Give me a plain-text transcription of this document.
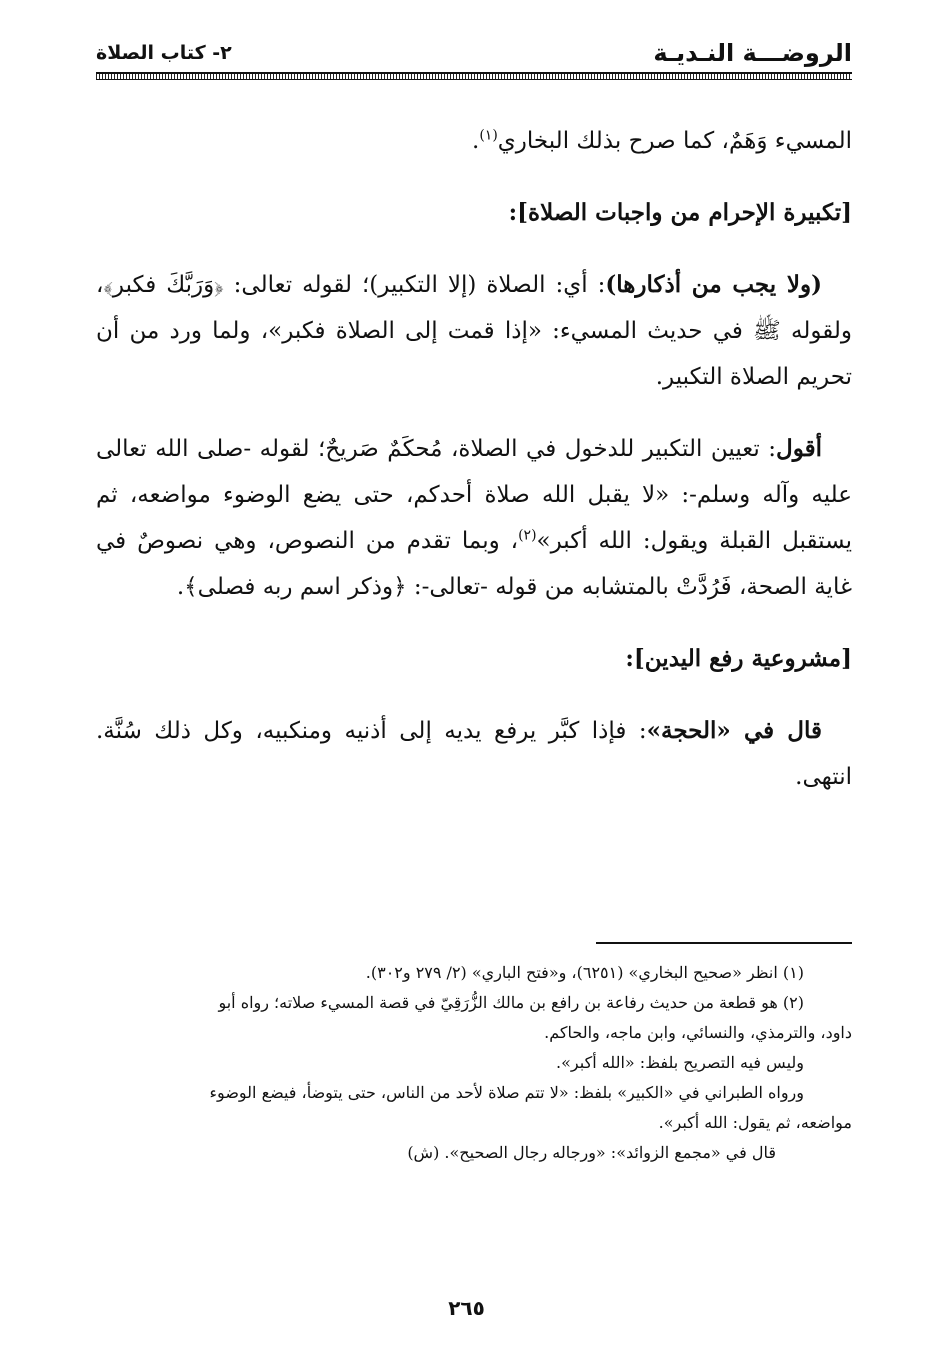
الروضـــة النـديـة
٢- كتاب الصلاة

المسيء وَهَمٌ، كما صرح بذلك البخاري$^{(١)}$.

[تكبيرة الإحرام من واجبات الصلاة]:

(ولا يجب من أذكارها): أي: الصلاة (إلا التكبير)؛ لقوله تعالى: ﴿وَرَبَّكَ فكبر﴾، ولقوله ﷺ في حديث المسيء: «إذا قمت إلى الصلاة فكبر»، ولما ورد من أن تحريم الصلاة التكبير.

أقول: تعيين التكبير للدخول في الصلاة، مُحكَمٌ صَريحٌ؛ لقوله -صلى الله تعالى عليه وآله وسلم-: «لا يقبل الله صلاة أحدكم، حتى يضع الوضوء مواضعه، ثم يستقبل القبلة ويقول: الله أكبر»$^{(٢)}$، وبما تقدم من النصوص، وهي نصوصٌ في غاية الصحة، فَرُدَّتْ بالمتشابه من قوله -تعالى-: ﴿وذكر اسم ربه فصلى﴾.

[مشروعية رفع اليدين]:

قال في «الحجة»: فإذا كبَّر يرفع يديه إلى أذنيه ومنكبيه، وكل ذلك سُنَّة. انتهى.

(١) انظر «صحيح البخاري» (٦٢٥١)، و«فتح الباري» (٢/ ٢٧٩ و٣٠٢).

(٢) هو قطعة من حديث رفاعة بن رافع بن مالك الزُّرَقِيّ في قصة المسيء صلاته؛ رواه أبو

داود، والترمذي، والنسائي، وابن ماجه، والحاكم.

وليس فيه التصريح بلفظ: «الله أكبر».

ورواه الطبراني في «الكبير» بلفظ: «لا تتم صلاة لأحد من الناس، حتى يتوضأ، فيضع الوضوء

مواضعه، ثم يقول: الله أكبر».

قال في «مجمع الزوائد»: «ورجاله رجال الصحيح». (ش)

٢٦٥
